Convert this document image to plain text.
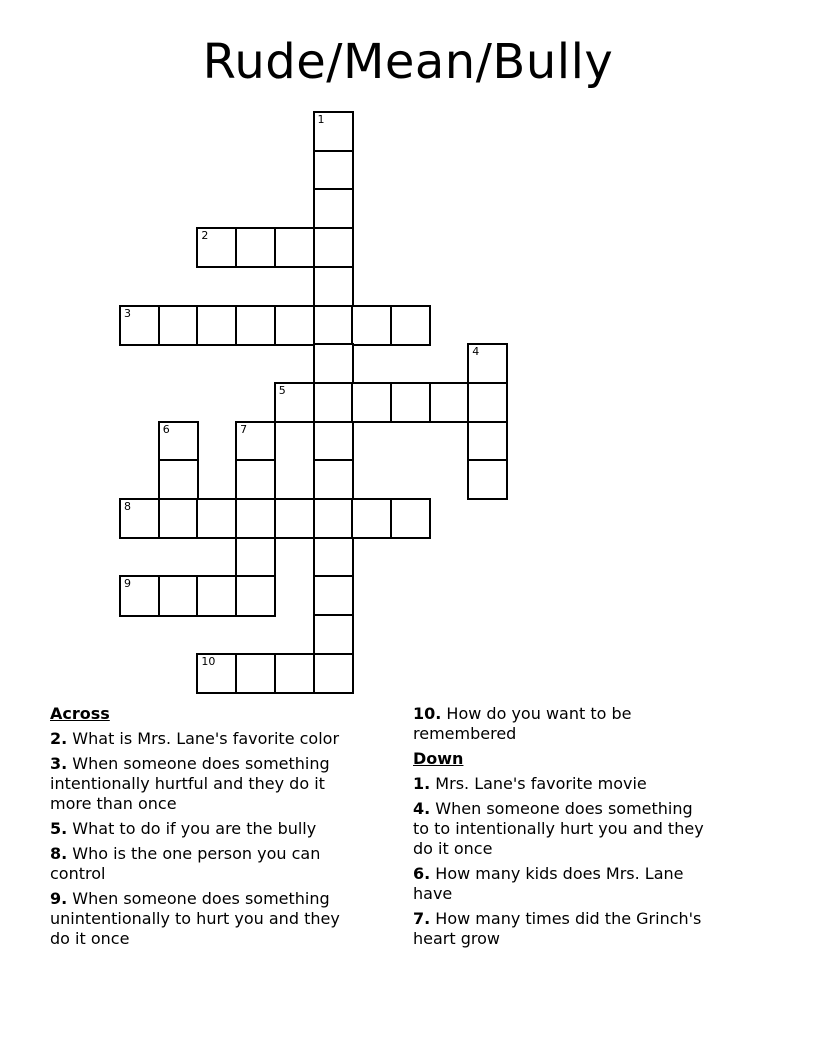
Rude/Mean/Bully
1
2
3
4
5
6	7
8
9
10
Across
2. What is Mrs. Lane's favorite color
3. When someone does something
intentionally hurtful and they do it
more than once
5. What to do if you are the bully
8. Who is the one person you can
control
9. When someone does something
unintentionally to hurt you and they
do it once
10. How do you want to be
remembered
Down
1. Mrs. Lane's favorite movie
4. When someone does something
to to intentionally hurt you and they
do it once
6. How many kids does Mrs. Lane
have
7. How many times did the Grinch's
heart grow
